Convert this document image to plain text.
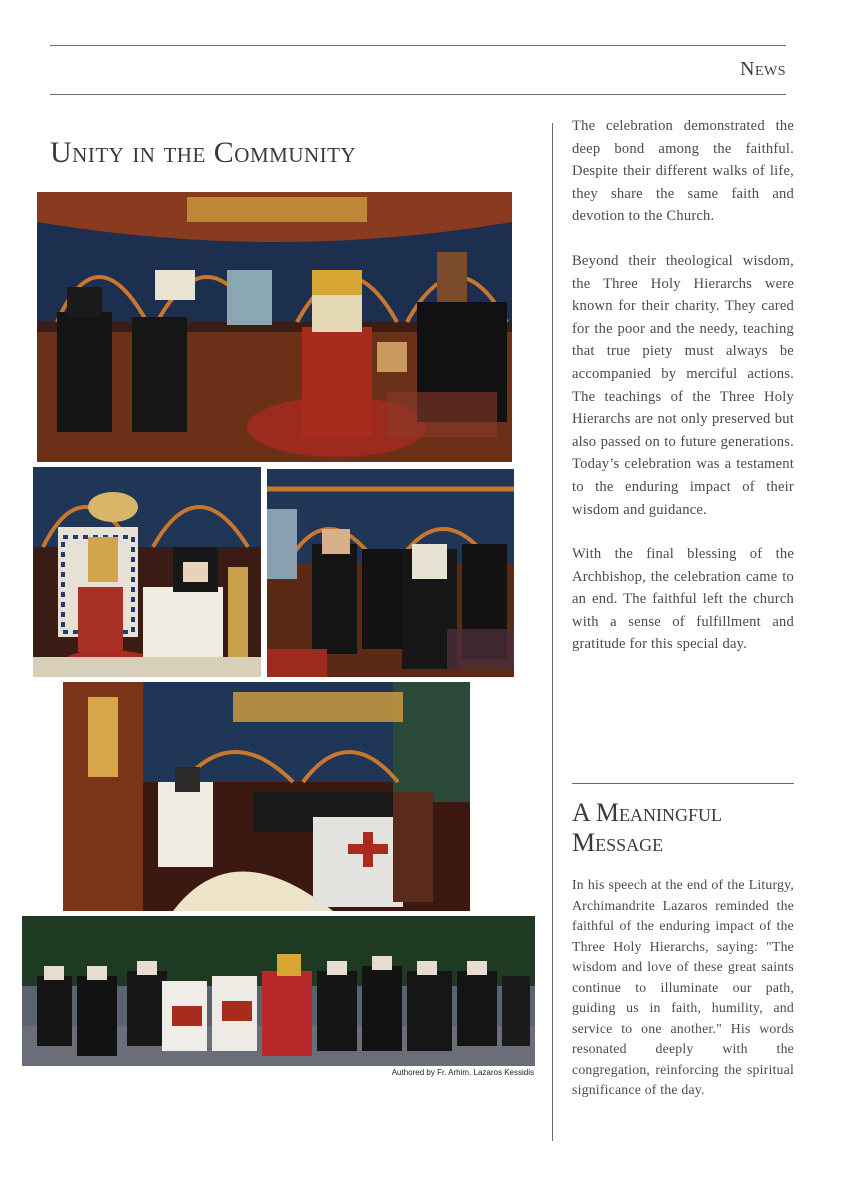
News
Unity in the Community
Authored by Fr. Arhim. Lazaros Kessidis

The celebration demonstrated the deep bond among the faithful. Despite their different walks of life, they share the same faith and devotion to the Church.

Beyond their theological wisdom, the Three Holy Hierarchs were known for their charity. They cared for the poor and the needy, teaching that true piety must always be accompanied by merciful actions. The teachings of the Three Holy Hierarchs are not only preserved but also passed on to future generations. Today’s celebration was a testament to the enduring impact of their wisdom and guidance.

With the final blessing of the Archbishop, the celebration came to an end. The faithful left the church with a sense of fulfillment and gratitude for this special day.

A Meaningful Message

In his speech at the end of the Liturgy, Archimandrite Lazaros reminded the faithful of the enduring impact of the Three Holy Hierarchs, saying: "The wisdom and love of these great saints continue to illuminate our path, guiding us in faith, humility, and service to one another." His words resonated deeply with the congregation, reinforcing the spiritual significance of the day.
